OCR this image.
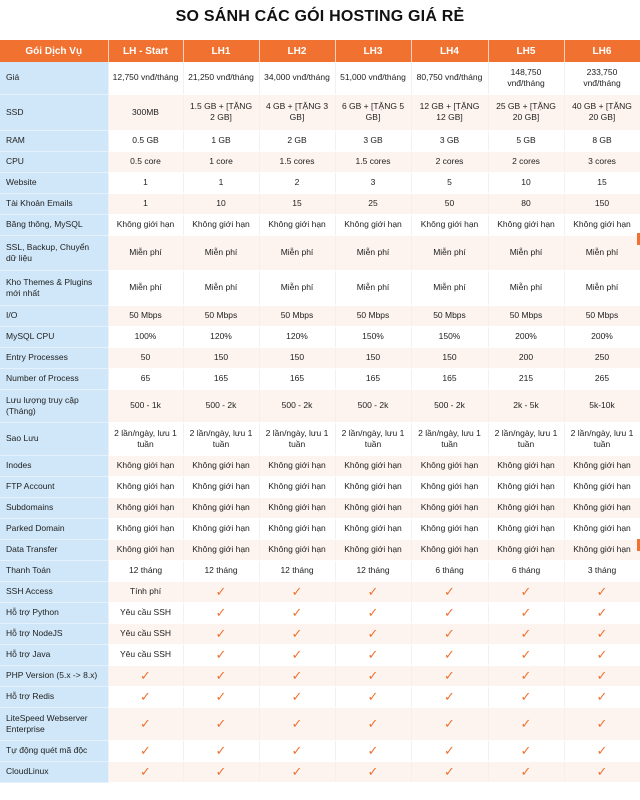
SO SÁNH CÁC GÓI HOSTING GIÁ RẺ
Gói Dịch Vụ	LH - Start	LH1	LH2	LH3	LH4	LH5	LH6
Giá	12,750 vnđ/tháng	21,250 vnđ/tháng	34,000 vnđ/tháng	51,000 vnđ/tháng	80,750 vnđ/tháng	148,750 vnđ/tháng	233,750 vnđ/tháng
SSD	300MB	1.5 GB + [TẶNG 2 GB]	4 GB + [TẶNG 3 GB]	6 GB + [TẶNG 5 GB]	12 GB + [TẶNG 12 GB]	25 GB + [TẶNG 20 GB]	40 GB + [TẶNG 20 GB]
RAM	0.5 GB	1 GB	2 GB	3 GB	3 GB	5 GB	8 GB
CPU	0.5 core	1 core	1.5 cores	1.5 cores	2 cores	2 cores	3 cores
Website	1	1	2	3	5	10	15
Tài Khoản Emails	1	10	15	25	50	80	150
Băng thông, MySQL	Không giới hạn	Không giới hạn	Không giới hạn	Không giới hạn	Không giới hạn	Không giới hạn	Không giới hạn
SSL, Backup, Chuyển dữ liệu	Miễn phí	Miễn phí	Miễn phí	Miễn phí	Miễn phí	Miễn phí	Miễn phí
Kho Themes & Plugins mới nhất	Miễn phí	Miễn phí	Miễn phí	Miễn phí	Miễn phí	Miễn phí	Miễn phí
I/O	50 Mbps	50 Mbps	50 Mbps	50 Mbps	50 Mbps	50 Mbps	50 Mbps
MySQL CPU	100%	120%	120%	150%	150%	200%	200%
Entry Processes	50	150	150	150	150	200	250
Number of Process	65	165	165	165	165	215	265
Lưu lượng truy cập (Tháng)	500 - 1k	500 - 2k	500 - 2k	500 - 2k	500 - 2k	2k - 5k	5k-10k
Sao Lưu	2 lần/ngày, lưu 1 tuần	2 lần/ngày, lưu 1 tuần	2 lần/ngày, lưu 1 tuần	2 lần/ngày, lưu 1 tuần	2 lần/ngày, lưu 1 tuần	2 lần/ngày, lưu 1 tuần	2 lần/ngày, lưu 1 tuần
Inodes	Không giới hạn	Không giới hạn	Không giới hạn	Không giới hạn	Không giới hạn	Không giới hạn	Không giới hạn
FTP Account	Không giới hạn	Không giới hạn	Không giới hạn	Không giới hạn	Không giới hạn	Không giới hạn	Không giới hạn
Subdomains	Không giới hạn	Không giới hạn	Không giới hạn	Không giới hạn	Không giới hạn	Không giới hạn	Không giới hạn
Parked Domain	Không giới hạn	Không giới hạn	Không giới hạn	Không giới hạn	Không giới hạn	Không giới hạn	Không giới hạn
Data Transfer	Không giới hạn	Không giới hạn	Không giới hạn	Không giới hạn	Không giới hạn	Không giới hạn	Không giới hạn
Thanh Toán	12 tháng	12 tháng	12 tháng	12 tháng	6 tháng	6 tháng	3 tháng
SSH Access	Tính phí	✓	✓	✓	✓	✓	✓
Hỗ trợ Python	Yêu cầu SSH	✓	✓	✓	✓	✓	✓
Hỗ trợ NodeJS	Yêu cầu SSH	✓	✓	✓	✓	✓	✓
Hỗ trợ Java	Yêu cầu SSH	✓	✓	✓	✓	✓	✓
PHP Version (5.x -> 8.x)	✓	✓	✓	✓	✓	✓	✓
Hỗ trợ Redis	✓	✓	✓	✓	✓	✓	✓
LiteSpeed Webserver Enterprise	✓	✓	✓	✓	✓	✓	✓
Tự động quét mã độc	✓	✓	✓	✓	✓	✓	✓
CloudLinux	✓	✓	✓	✓	✓	✓	✓
